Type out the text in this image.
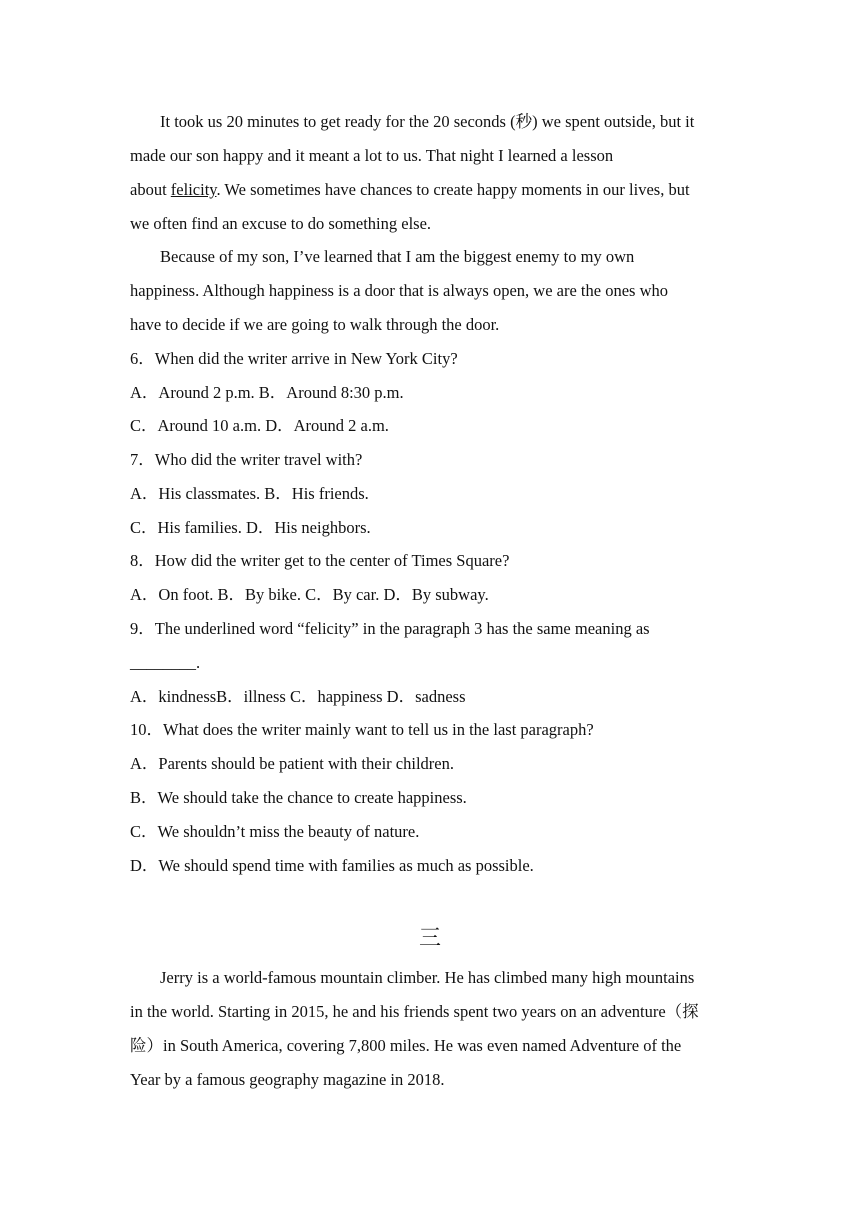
It took us 20 minutes to get ready for the 20 seconds (秒) we spent outside, but it
made our son happy and it meant a lot to us. That night I learned a lesson
about felicity. We sometimes have chances to create happy moments in our lives, but
we often find an excuse to do something else.
Because of my son, I’ve learned that I am the biggest enemy to my own
happiness. Although happiness is a door that is always open, we are the ones who
have to decide if we are going to walk through the door.
6．When did the writer arrive in New York City?
A．Around 2 p.m. B．Around 8:30 p.m.
C．Around 10 a.m. D．Around 2 a.m.
7．Who did the writer travel with?
A．His classmates. B．His friends.
C．His families. D．His neighbors.
8．How did the writer get to the center of Times Square?
A．On foot. B．By bike. C．By car. D．By subway.
9．The underlined word “felicity” in the paragraph 3 has the same meaning as
________.
A．kindnessB．illness C．happiness D．sadness
10．What does the writer mainly want to tell us in the last paragraph?
A．Parents should be patient with their children.
B．We should take the chance to create happiness.
C．We shouldn’t miss the beauty of nature.
D．We should spend time with families as much as possible.
三
Jerry is a world-famous mountain climber. He has climbed many high mountains
in the world. Starting in 2015, he and his friends spent two years on an adventure（探
险）in South America, covering 7,800 miles. He was even named Adventure of the
Year by a famous geography magazine in 2018.
